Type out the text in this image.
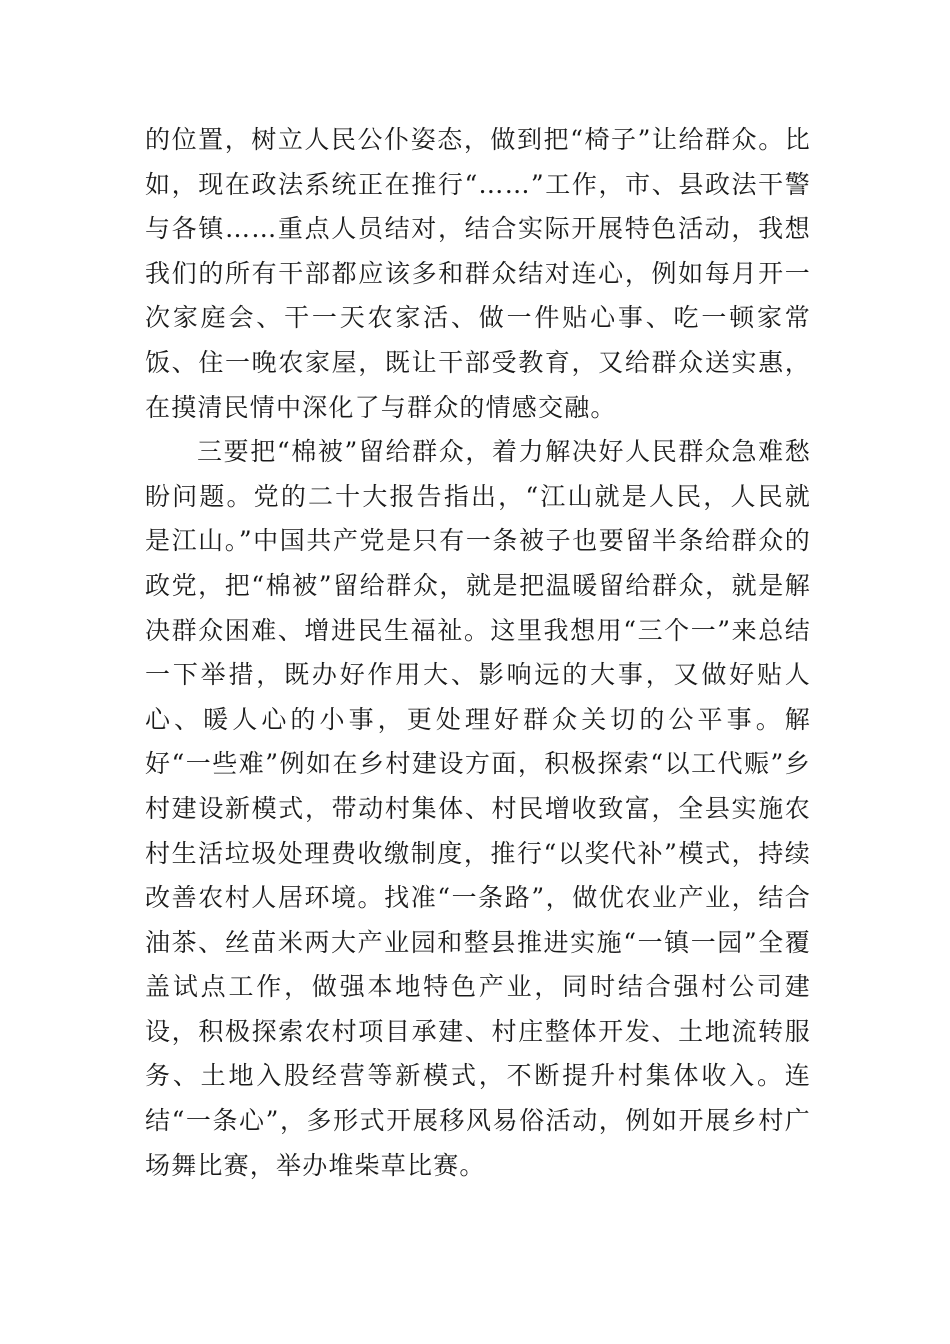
的位置，树立人民公仆姿态，做到把“椅子”让给群众。比如，现在政法系统正在推行“……”工作，市、县政法干警与各镇……重点人员结对，结合实际开展特色活动，我想我们的所有干部都应该多和群众结对连心，例如每月开一次家庭会、干一天农家活、做一件贴心事、吃一顿家常饭、住一晚农家屋，既让干部受教育，又给群众送实惠，在摸清民情中深化了与群众的情感交融。

三要把“棉被”留给群众，着力解决好人民群众急难愁盼问题。党的二十大报告指出，“江山就是人民，人民就是江山。”中国共产党是只有一条被子也要留半条给群众的政党，把“棉被”留给群众，就是把温暖留给群众，就是解决群众困难、增进民生福祉。这里我想用“三个一”来总结一下举措，既办好作用大、影响远的大事，又做好贴人心、暖人心的小事，更处理好群众关切的公平事。解好“一些难”例如在乡村建设方面，积极探索“以工代赈”乡村建设新模式，带动村集体、村民增收致富，全县实施农村生活垃圾处理费收缴制度，推行“以奖代补”模式，持续改善农村人居环境。找准“一条路”，做优农业产业，结合油茶、丝苗米两大产业园和整县推进实施“一镇一园”全覆盖试点工作，做强本地特色产业，同时结合强村公司建设，积极探索农村项目承建、村庄整体开发、土地流转服务、土地入股经营等新模式，不断提升村集体收入。连结“一条心”，多形式开展移风易俗活动，例如开展乡村广场舞比赛，举办堆柴草比赛。
